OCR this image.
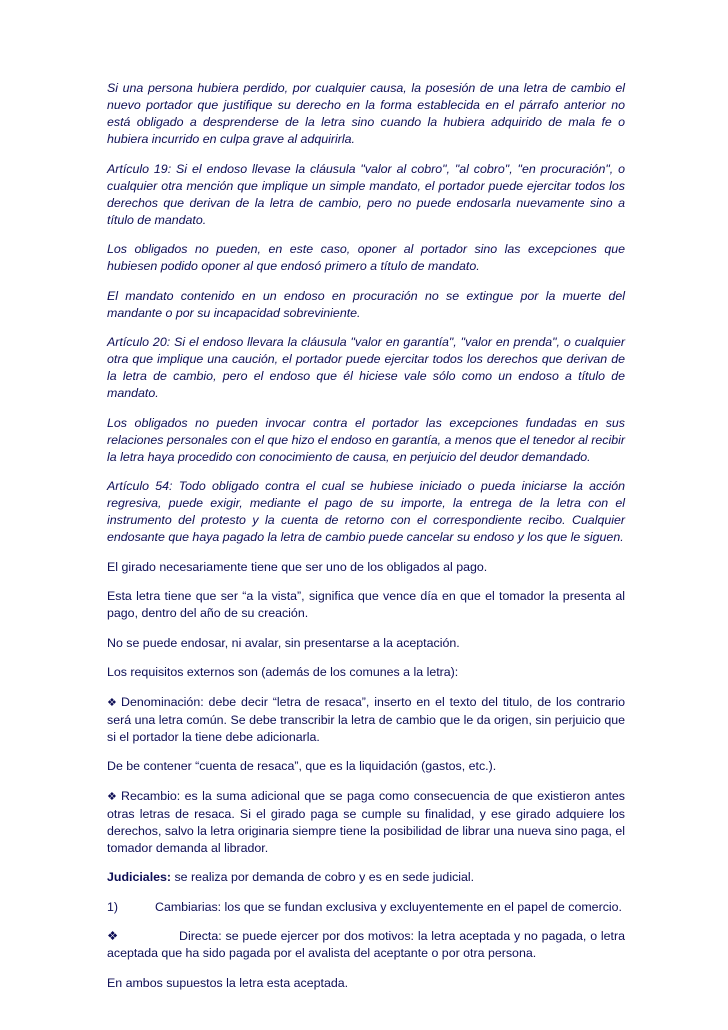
Si una persona hubiera perdido, por cualquier causa, la posesión de una letra de cambio el nuevo portador que justifique su derecho en la forma establecida en el párrafo anterior no está obligado a desprenderse de la letra sino cuando la hubiera adquirido de mala fe o hubiera incurrido en culpa grave al adquirirla.

Artículo 19: Si el endoso llevase la cláusula "valor al cobro", "al cobro", "en procuración", o cualquier otra mención que implique un simple mandato, el portador puede ejercitar todos los derechos que derivan de la letra de cambio, pero no puede endosarla nuevamente sino a título de mandato.

Los obligados no pueden, en este caso, oponer al portador sino las excepciones que hubiesen podido oponer al que endosó primero a título de mandato.

El mandato contenido en un endoso en procuración no se extingue por la muerte del mandante o por su incapacidad sobreviniente.

Artículo 20: Si el endoso llevara la cláusula "valor en garantía", "valor en prenda", o cualquier otra que implique una caución, el portador puede ejercitar todos los derechos que derivan de la letra de cambio, pero el endoso que él hiciese vale sólo como un endoso a título de mandato.

Los obligados no pueden invocar contra el portador las excepciones fundadas en sus relaciones personales con el que hizo el endoso en garantía, a menos que el tenedor al recibir la letra haya procedido con conocimiento de causa, en perjuicio del deudor demandado.

Artículo 54: Todo obligado contra el cual se hubiese iniciado o pueda iniciarse la acción regresiva, puede exigir, mediante el pago de su importe, la entrega de la letra con el instrumento del protesto y la cuenta de retorno con el correspondiente recibo. Cualquier endosante que haya pagado la letra de cambio puede cancelar su endoso y los que le siguen.

El girado necesariamente tiene que ser uno de los obligados al pago.

Esta letra tiene que ser “a la vista”, significa que vence día en que el tomador la presenta al pago, dentro del año de su creación.

No se puede endosar, ni avalar, sin presentarse a la aceptación.

Los requisitos externos son (además de los comunes a la letra):

❖ Denominación: debe decir “letra de resaca”, inserto en el texto del titulo, de los contrario será una letra común. Se debe transcribir la letra de cambio que le da origen, sin perjuicio que si el portador la tiene debe adicionarla.

De be contener “cuenta de resaca”, que es la liquidación (gastos, etc.).

❖ Recambio: es la suma adicional que se paga como consecuencia de que existieron antes otras letras de resaca. Si el girado paga se cumple su finalidad, y ese girado adquiere los derechos, salvo la letra originaria siempre tiene la posibilidad de librar una nueva sino paga, el tomador demanda al librador.

Judiciales: se realiza por demanda de cobro y es en sede judicial.

1)	Cambiarias: los que se fundan exclusiva y excluyentemente en el papel de comercio.

❖	Directa: se puede ejercer por dos motivos: la letra aceptada y no pagada, o letra aceptada que ha sido pagada por el avalista del aceptante o por otra persona.

En ambos supuestos la letra esta aceptada.
